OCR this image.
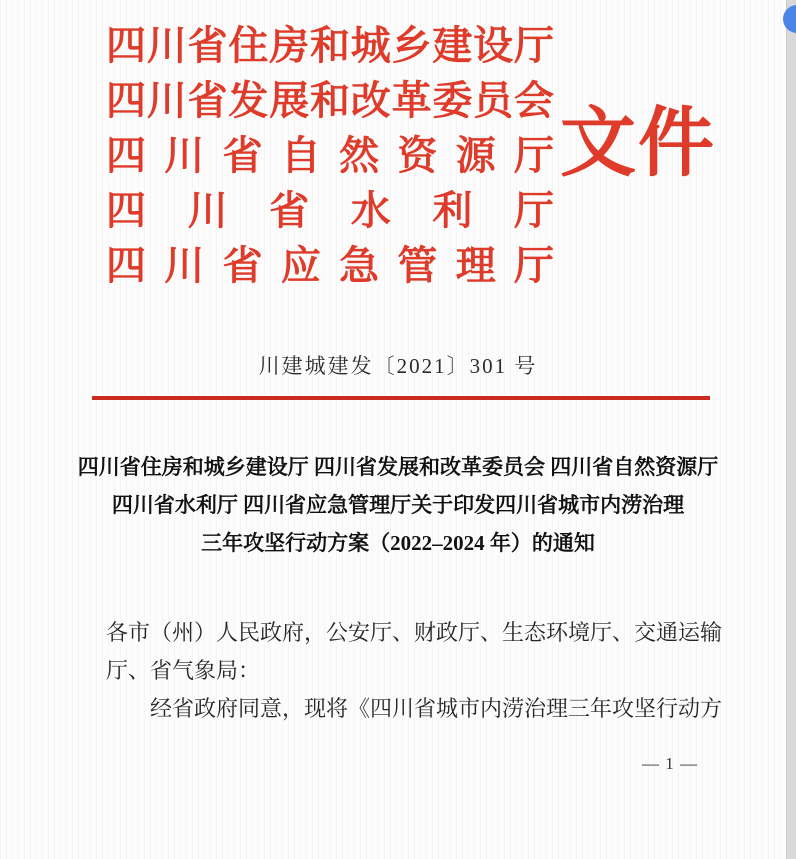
四 川 省 住 房 和 城 乡 建 设 厅
四 川 省 发 展 和 改 革 委 员 会
四 川 省 自 然 资 源 厅
四 川 省 水 利 厅
四 川 省 应 急 管 理 厅
文件
川建城建发〔2021〕301 号
四川省住房和城乡建设厅 四川省发展和改革委员会 四川省自然资源厅
四川省水利厅 四川省应急管理厅关于印发四川省城市内涝治理
三年攻坚行动方案（2022–2024 年）的通知
各市（州）人民政府，公安厅、财政厅、生态环境厅、交通运输
厅、省气象局：
经省政府同意，现将《四川省城市内涝治理三年攻坚行动方
— 1 —
